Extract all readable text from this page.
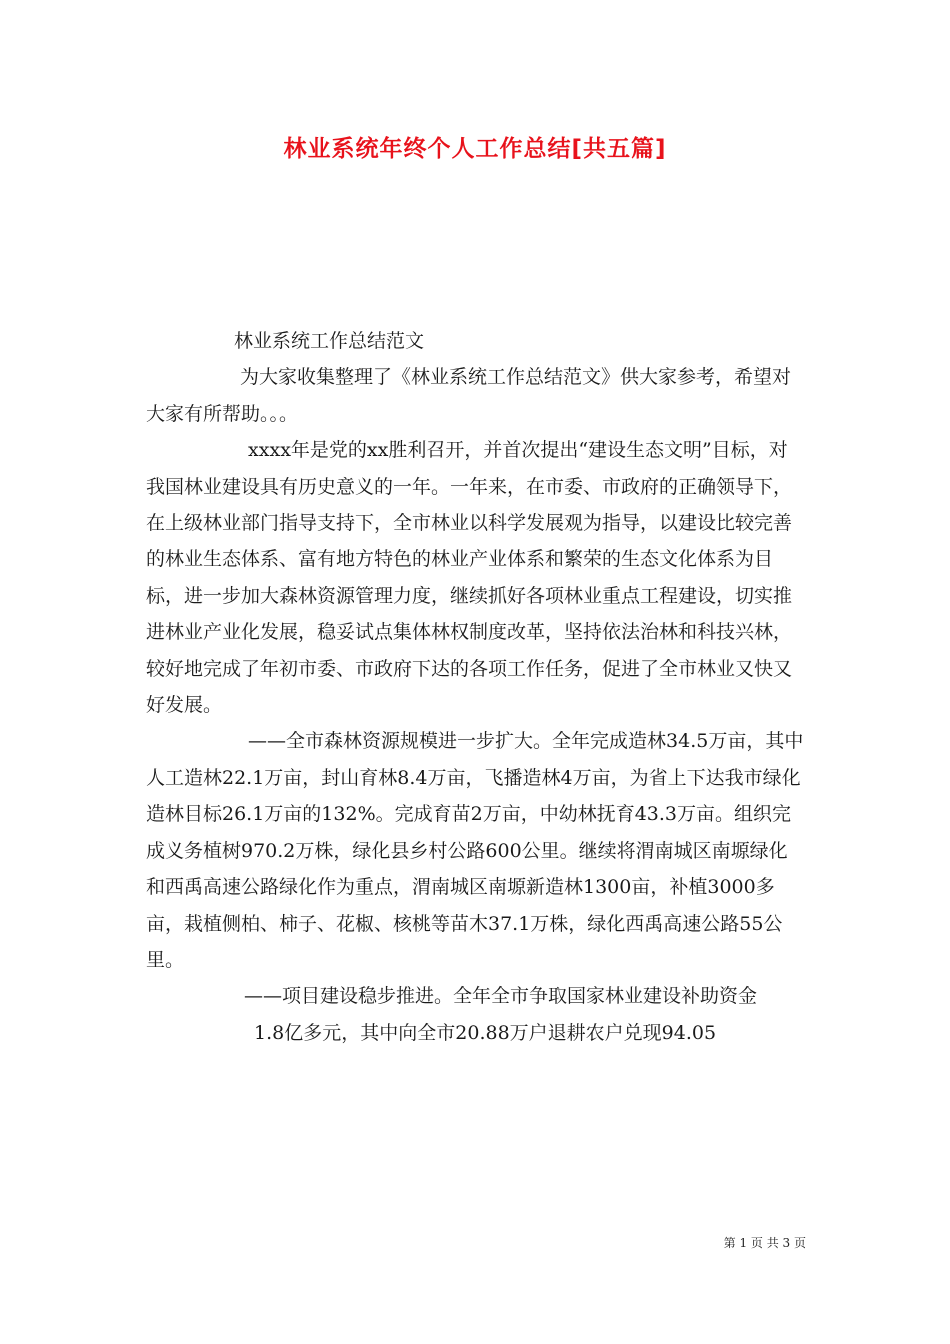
林业系统年终个人工作总结[共五篇]

林业系统工作总结范文

为大家收集整理了《林业系统工作总结范文》供大家参考，希望对大家有所帮助。。。

xxxx年是党的xx胜利召开，并首次提出“建设生态文明”目标，对我国林业建设具有历史意义的一年。一年来，在市委、市政府的正确领导下，在上级林业部门指导支持下，全市林业以科学发展观为指导，以建设比较完善的林业生态体系、富有地方特色的林业产业体系和繁荣的生态文化体系为目标，进一步加大森林资源管理力度，继续抓好各项林业重点工程建设，切实推进林业产业化发展，稳妥试点集体林权制度改革，坚持依法治林和科技兴林，较好地完成了年初市委、市政府下达的各项工作任务，促进了全市林业又快又好发展。

——全市森林资源规模进一步扩大。全年完成造林34.5万亩，其中人工造林22.1万亩，封山育林8.4万亩，飞播造林4万亩，为省上下达我市绿化造林目标26.1万亩的132%。完成育苗2万亩，中幼林抚育43.3万亩。组织完成义务植树970.2万株，绿化县乡村公路600公里。继续将渭南城区南塬绿化和西禹高速公路绿化作为重点，渭南城区南塬新造林1300亩，补植3000多亩，栽植侧柏、柿子、花椒、核桃等苗木37.1万株，绿化西禹高速公路55公里。

——项目建设稳步推进。全年全市争取国家林业建设补助资金

1.8亿多元，其中向全市20.88万户退耕农户兑现94.05

第 1 页 共 3 页
